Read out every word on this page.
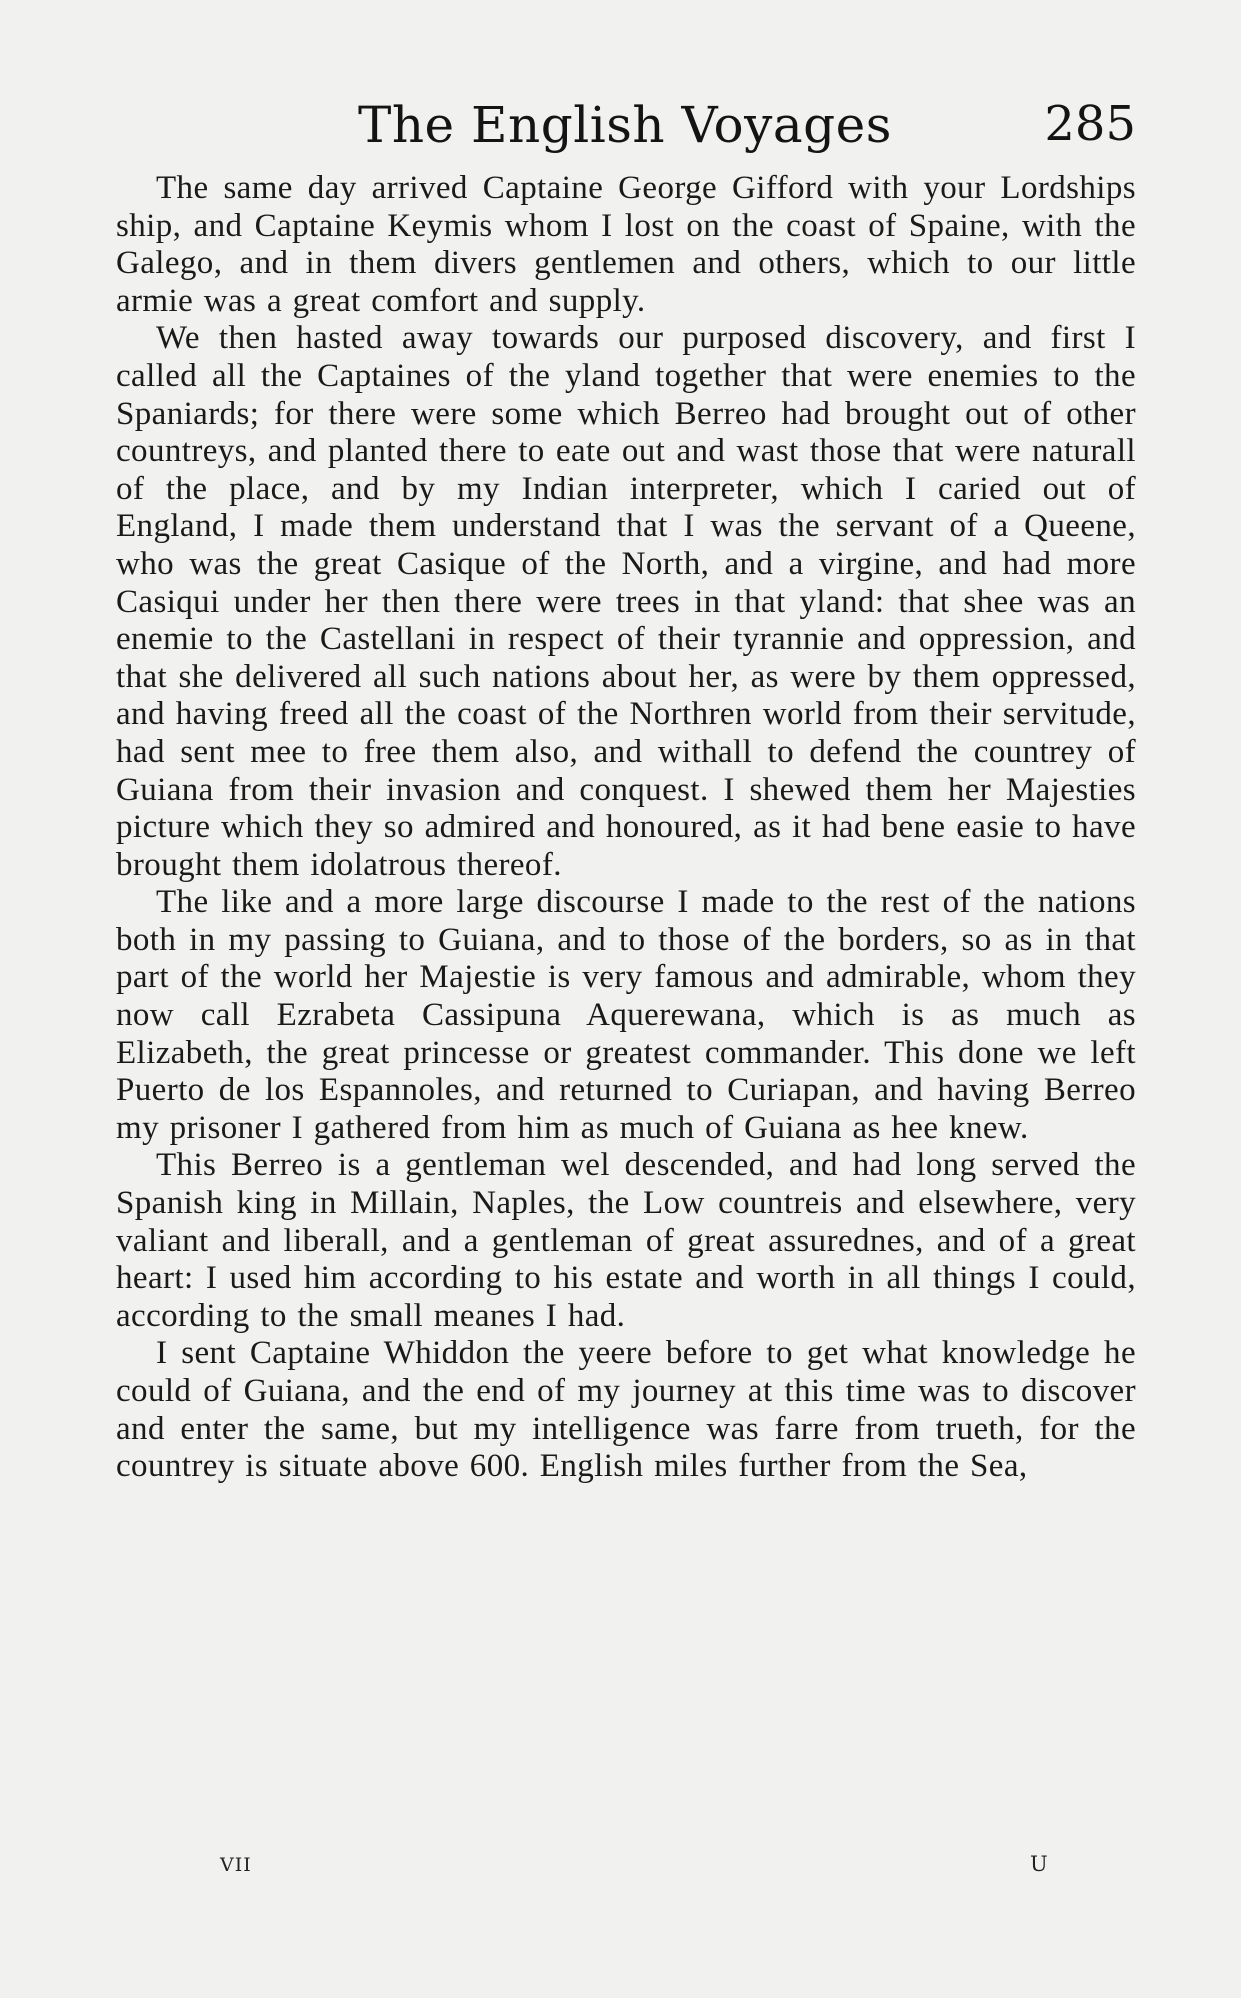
The English Voyages	285

The same day arrived Captaine George Gifford with your Lordships ship, and Captaine Keymis whom I lost on the coast of Spaine, with the Galego, and in them divers gentlemen and others, which to our little armie was a great comfort and supply.

We then hasted away towards our purposed discovery, and first I called all the Captaines of the yland together that were enemies to the Spaniards; for there were some which Berreo had brought out of other countreys, and planted there to eate out and wast those that were naturall of the place, and by my Indian interpreter, which I caried out of England, I made them understand that I was the servant of a Queene, who was the great Casique of the North, and a virgine, and had more Casiqui under her then there were trees in that yland: that shee was an enemie to the Castellani in respect of their tyrannie and oppression, and that she delivered all such nations about her, as were by them oppressed, and having freed all the coast of the Northren world from their servitude, had sent mee to free them also, and withall to defend the countrey of Guiana from their invasion and conquest. I shewed them her Majesties picture which they so admired and honoured, as it had bene easie to have brought them idolatrous thereof.

The like and a more large discourse I made to the rest of the nations both in my passing to Guiana, and to those of the borders, so as in that part of the world her Majestie is very famous and admirable, whom they now call Ezrabeta Cassipuna Aquerewana, which is as much as Elizabeth, the great princesse or greatest commander. This done we left Puerto de los Espannoles, and returned to Curiapan, and having Berreo my prisoner I gathered from him as much of Guiana as hee knew.

This Berreo is a gentleman wel descended, and had long served the Spanish king in Millain, Naples, the Low countreis and elsewhere, very valiant and liberall, and a gentleman of great assurednes, and of a great heart: I used him according to his estate and worth in all things I could, according to the small meanes I had.

I sent Captaine Whiddon the yeere before to get what knowledge he could of Guiana, and the end of my journey at this time was to discover and enter the same, but my intelligence was farre from trueth, for the countrey is situate above 600. English miles further from the Sea,

VII	U
